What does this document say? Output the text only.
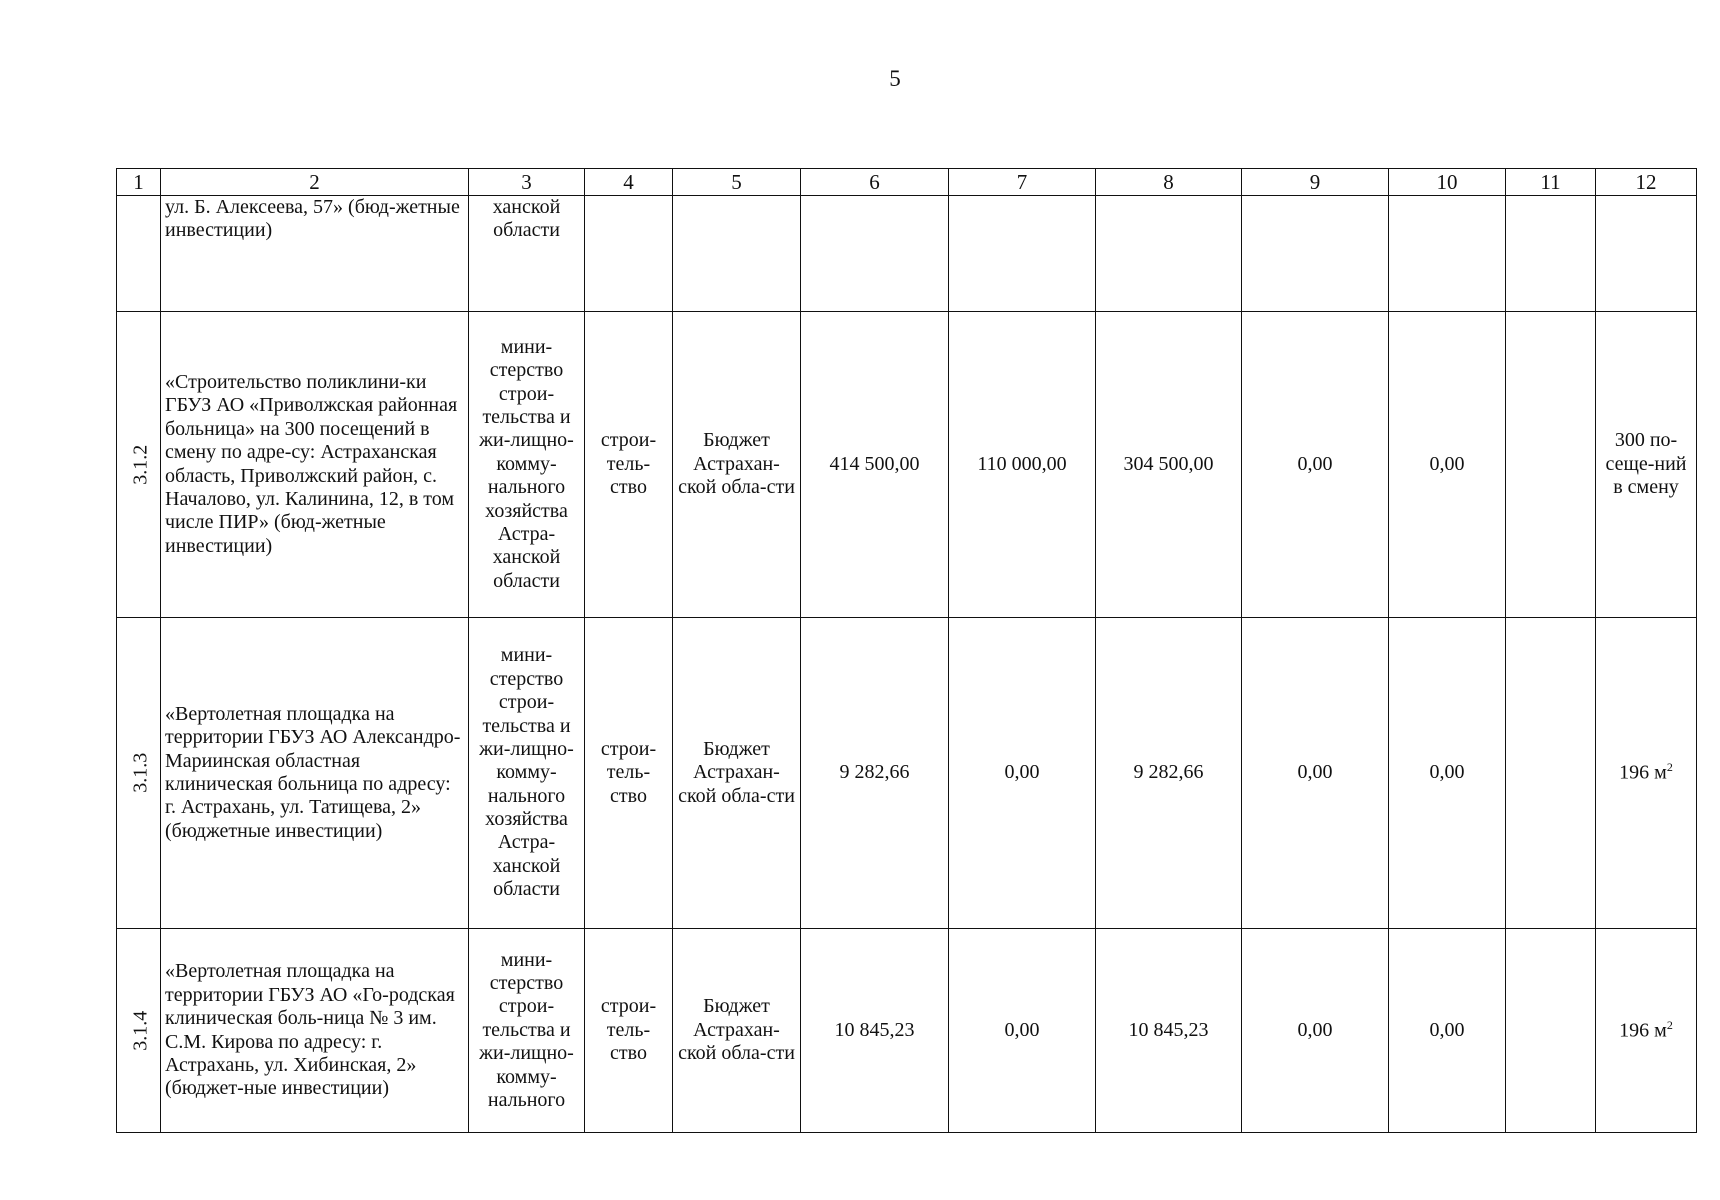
5
1	2	3	4	5	6	7	8	9	10	11	12
	ул. Б. Алексеева, 57» (бюд-жетные инвестиции)	ханской области									
3.1.2	«Строительство поликлини-ки ГБУЗ АО «Приволжская районная больница» на 300 посещений в смену по адре-су: Астраханская область, Приволжский район, с. Началово, ул. Калинина, 12, в том числе ПИР» (бюд-жетные инвестиции)	мини-стерство строи-тельства и жи-лищно-комму-нального хозяйства Астра-ханской области	строи-тель-ство	Бюджет Астрахан-ской обла-сти	414 500,00	110 000,00	304 500,00	0,00	0,00		300 по-сеще-ний в смену
3.1.3	«Вертолетная площадка на территории ГБУЗ АО Александро-Мариинская областная клиническая больница по адресу: г. Астрахань, ул. Татищева, 2» (бюджетные инвестиции)	мини-стерство строи-тельства и жи-лищно-комму-нального хозяйства Астра-ханской области	строи-тель-ство	Бюджет Астрахан-ской обла-сти	9 282,66	0,00	9 282,66	0,00	0,00		196 $м^2$
3.1.4	«Вертолетная площадка на территории ГБУЗ АО «Го-родская клиническая боль-ница № 3 им. С.М. Кирова по адресу: г. Астрахань, ул. Хибинская, 2» (бюджет-ные инвестиции)	мини-стерство строи-тельства и жи-лищно-комму-нального	строи-тель-ство	Бюджет Астрахан-ской обла-сти	10 845,23	0,00	10 845,23	0,00	0,00		196 $м^2$
